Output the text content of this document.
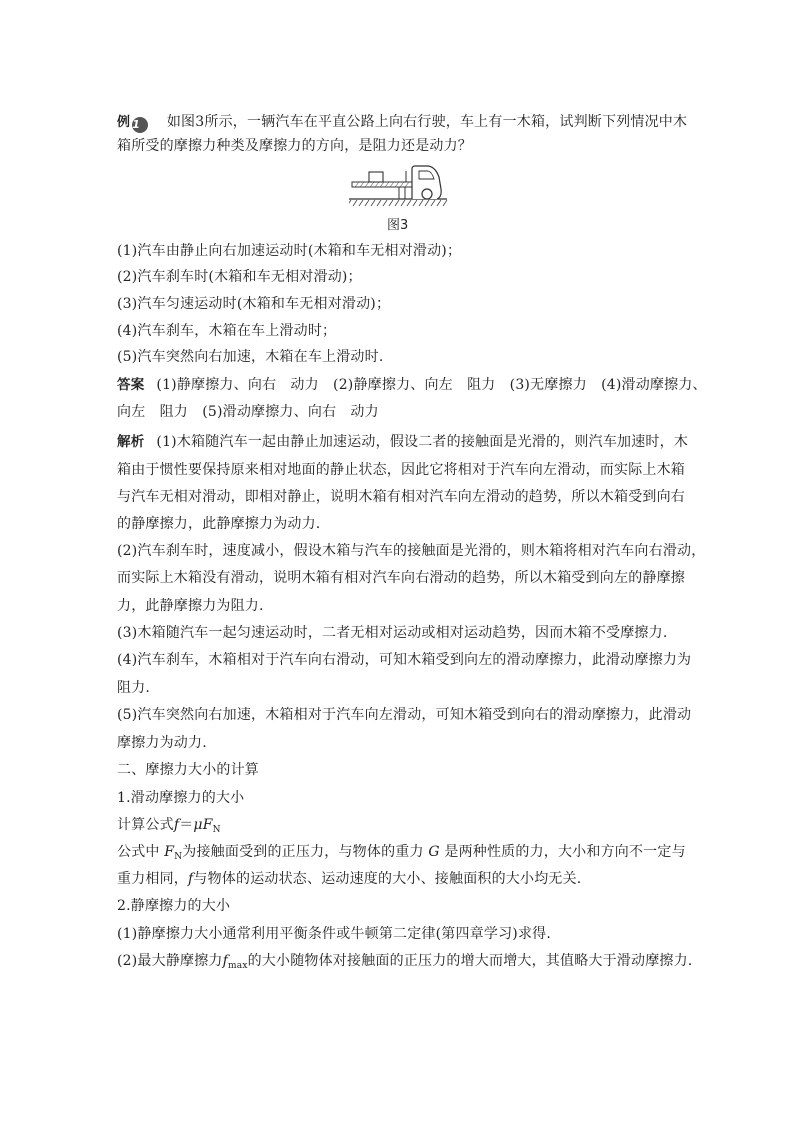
例 1 如图3所示，一辆汽车在平直公路上向右行驶，车上有一木箱，试判断下列情况中木
箱所受的摩擦力种类及摩擦力的方向，是阻力还是动力？
图3
(1)汽车由静止向右加速运动时(木箱和车无相对滑动)；
(2)汽车刹车时(木箱和车无相对滑动)；
(3)汽车匀速运动时(木箱和车无相对滑动)；
(4)汽车刹车，木箱在车上滑动时；
(5)汽车突然向右加速，木箱在车上滑动时.
答案 (1)静摩擦力、向右　动力　(2)静摩擦力、向左　阻力　(3)无摩擦力　(4)滑动摩擦力、
向左　阻力　(5)滑动摩擦力、向右　动力
解析 (1)木箱随汽车一起由静止加速运动，假设二者的接触面是光滑的，则汽车加速时，木
箱由于惯性要保持原来相对地面的静止状态，因此它将相对于汽车向左滑动，而实际上木箱
与汽车无相对滑动，即相对静止，说明木箱有相对汽车向左滑动的趋势，所以木箱受到向右
的静摩擦力，此静摩擦力为动力.
(2)汽车刹车时，速度减小，假设木箱与汽车的接触面是光滑的，则木箱将相对汽车向右滑动，
而实际上木箱没有滑动，说明木箱有相对汽车向右滑动的趋势，所以木箱受到向左的静摩擦
力，此静摩擦力为阻力.
(3)木箱随汽车一起匀速运动时，二者无相对运动或相对运动趋势，因而木箱不受摩擦力.
(4)汽车刹车，木箱相对于汽车向右滑动，可知木箱受到向左的滑动摩擦力，此滑动摩擦力为
阻力.
(5)汽车突然向右加速，木箱相对于汽车向左滑动，可知木箱受到向右的滑动摩擦力，此滑动
摩擦力为动力.
二、摩擦力大小的计算
1.滑动摩擦力的大小
计算公式$f=\mu F_N$
公式中 $F_N$为接触面受到的正压力，与物体的重力 G 是两种性质的力，大小和方向不一定与
重力相同，f与物体的运动状态、运动速度的大小、接触面积的大小均无关.
2.静摩擦力的大小
(1)静摩擦力大小通常利用平衡条件或牛顿第二定律(第四章学习)求得.
(2)最大静摩擦力$f_{max}$的大小随物体对接触面的正压力的增大而增大，其值略大于滑动摩擦力.
